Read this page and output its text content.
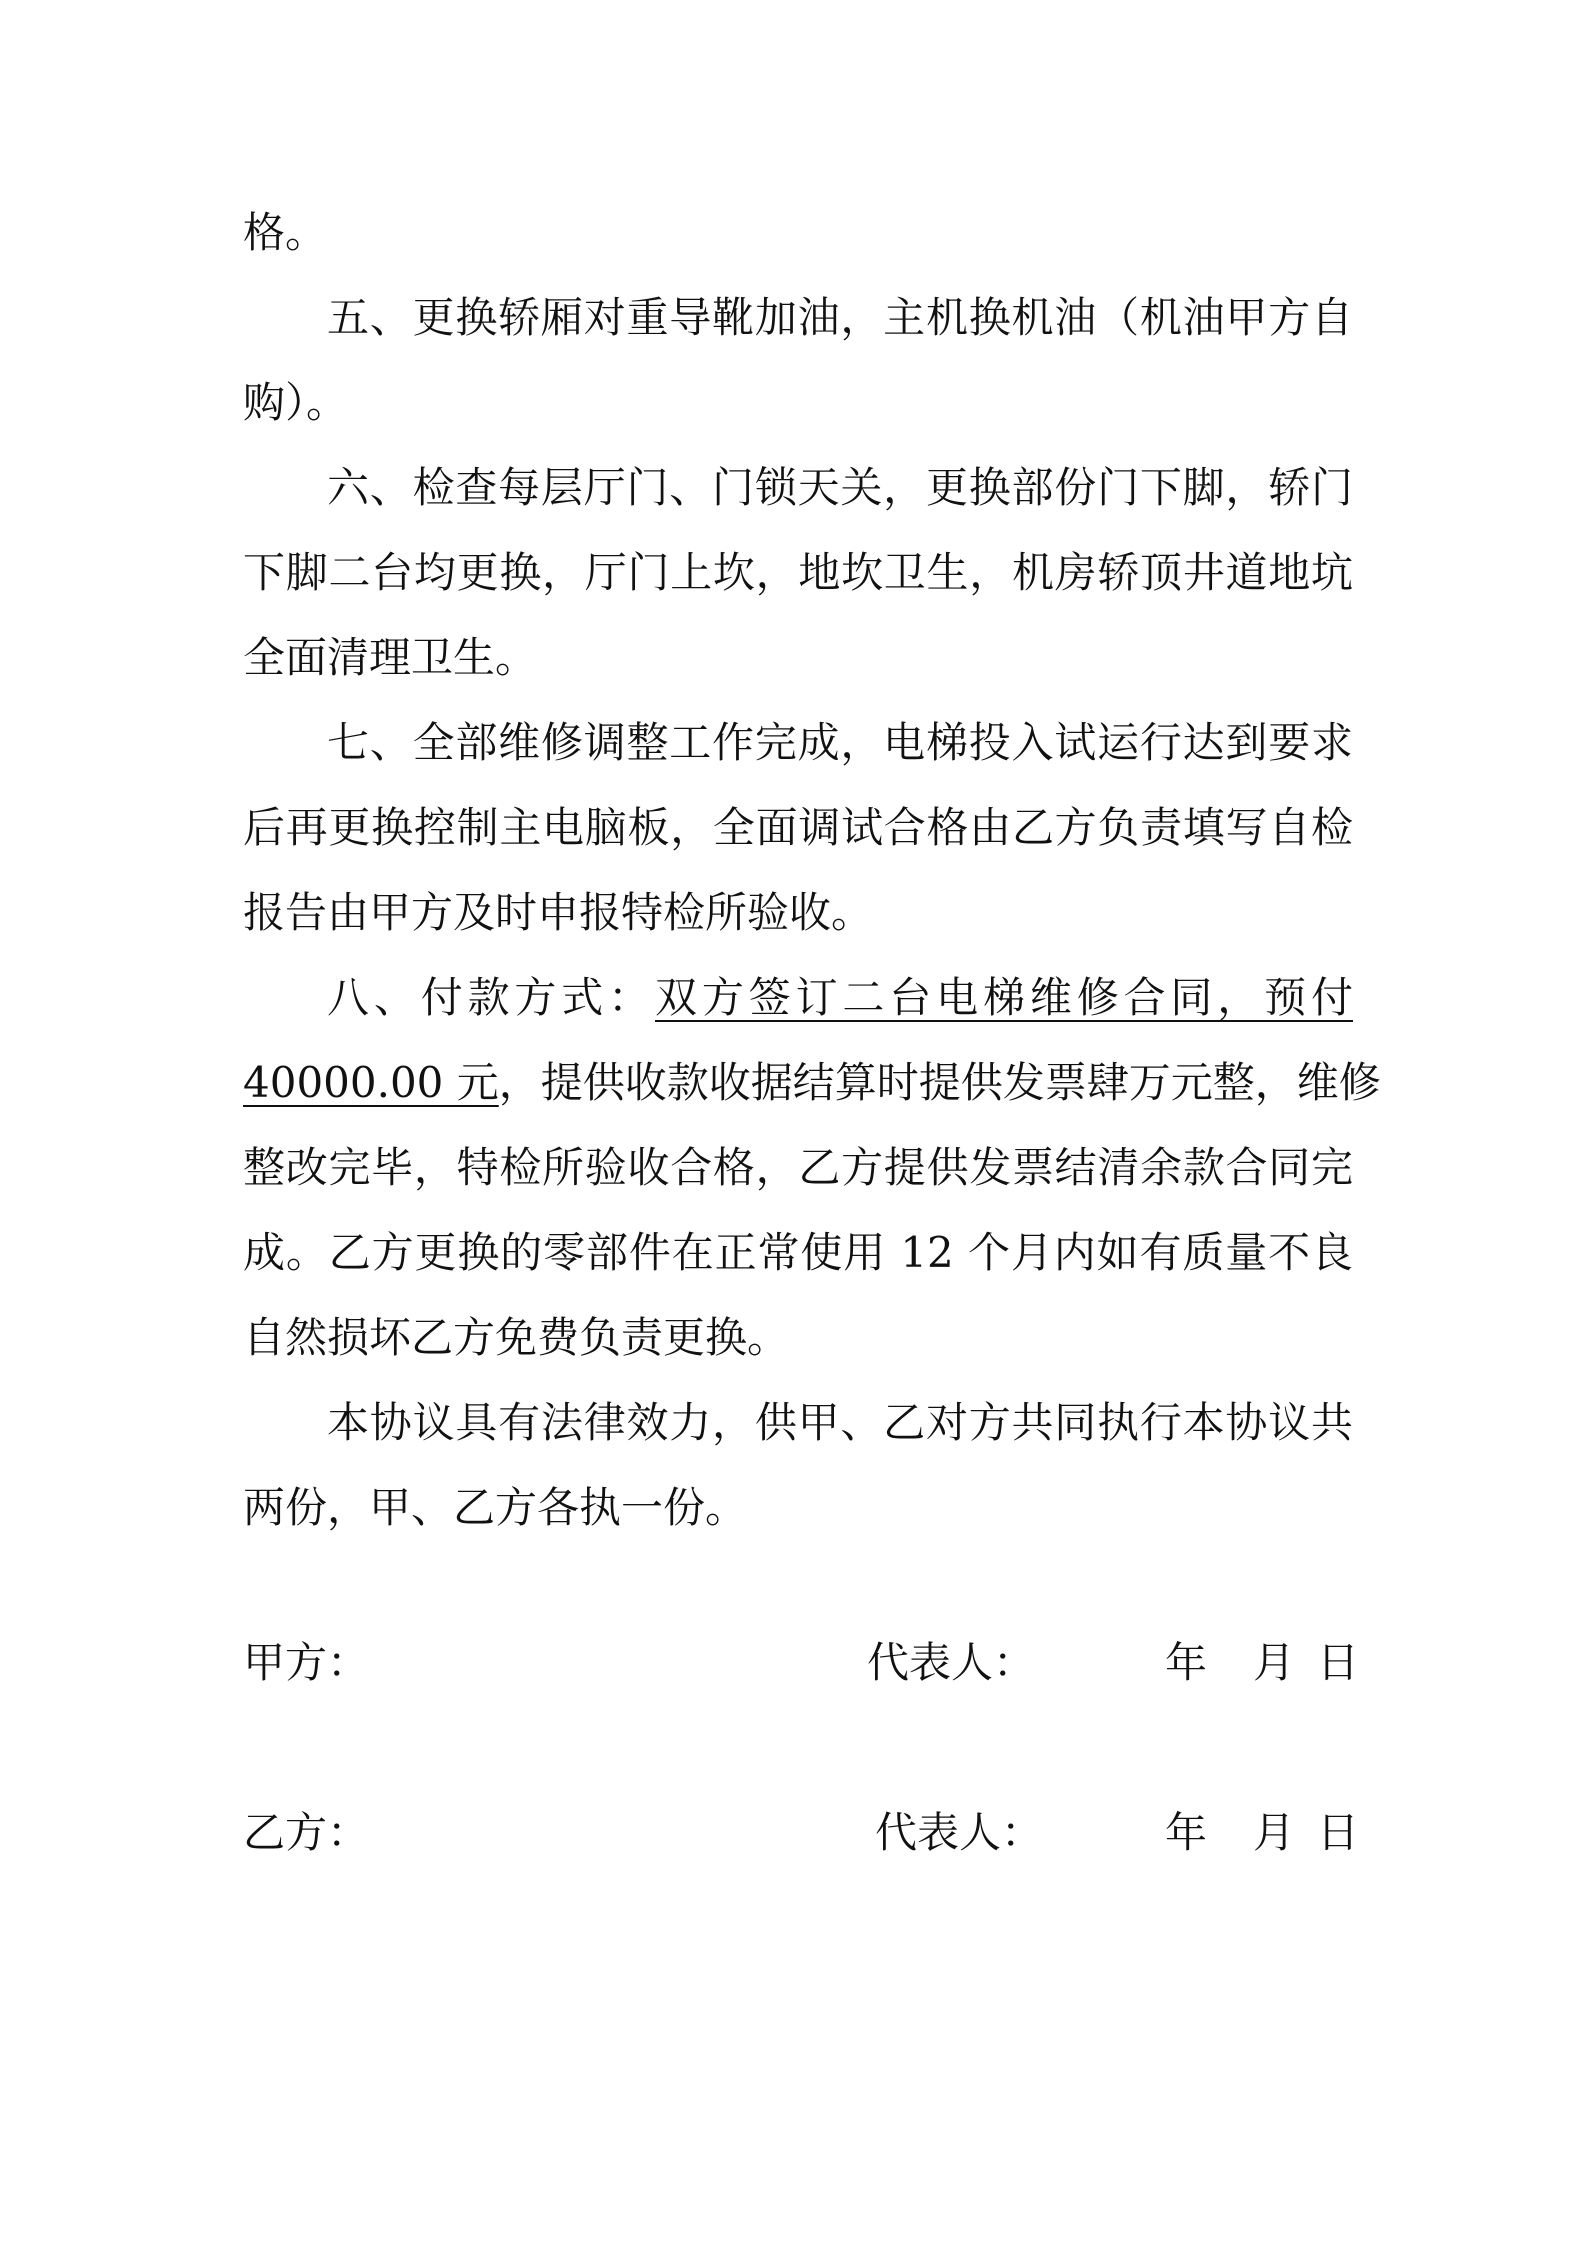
格。
五、更换轿厢对重导靴加油，主机换机油（机油甲方自
购）。
六、检查每层厅门、门锁天关，更换部份门下脚，轿门
下脚二台均更换，厅门上坎，地坎卫生，机房轿顶井道地坑
全面清理卫生。
七、全部维修调整工作完成，电梯投入试运行达到要求
后再更换控制主电脑板，全面调试合格由乙方负责填写自检
报告由甲方及时申报特检所验收。
八、付款方式：双方签订二台电梯维修合同，预付
40000.00 元，提供收款收据结算时提供发票肆万元整，维修
整改完毕，特检所验收合格，乙方提供发票结清余款合同完
成。乙方更换的零部件在正常使用 12 个月内如有质量不良
自然损坏乙方免费负责更换。
本协议具有法律效力，供甲、乙对方共同执行本协议共
两份，甲、乙方各执一份。
甲方：	代表人：	年 月 日
乙方：	代表人：	年 月 日
